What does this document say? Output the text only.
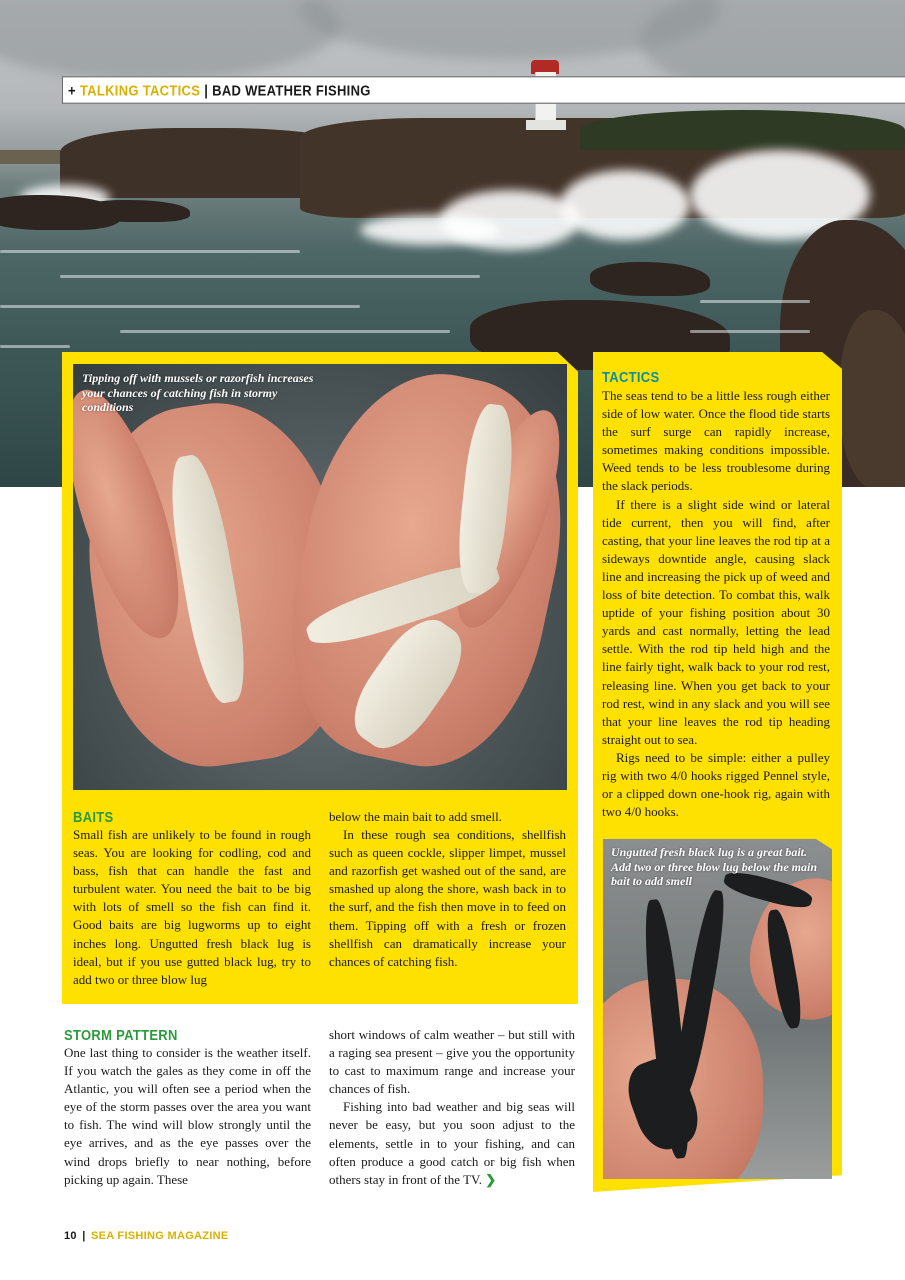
+ TALKING TACTICS | BAD WEATHER FISHING
Tipping off with mussels or razorfish increases your chances of catching fish in stormy conditions
Ungutted fresh black lug is a great bait. Add two or three blow lug below the main bait to add smell
BAITS

Small fish are unlikely to be found in rough seas. You are looking for codling, cod and bass, fish that can handle the fast and turbulent water. You need the bait to be big with lots of smell so the fish can find it. Good baits are big lugworms up to eight inches long. Ungutted fresh black lug is ideal, but if you use gutted black lug, try to add two or three blow lug

below the main bait to add smell.

In these rough sea conditions, shellfish such as queen cockle, slipper limpet, mussel and razorfish get washed out of the sand, are smashed up along the shore, wash back in to the surf, and the fish then move in to feed on them. Tipping off with a fresh or frozen shellfish can dramatically increase your chances of catching fish.

TACTICS

The seas tend to be a little less rough either side of low water. Once the flood tide starts the surf surge can rapidly increase, sometimes making conditions impossible. Weed tends to be less troublesome during the slack periods.

If there is a slight side wind or lateral tide current, then you will find, after casting, that your line leaves the rod tip at a sideways downtide angle, causing slack line and increasing the pick up of weed and loss of bite detection. To combat this, walk uptide of your fishing position about 30 yards and cast normally, letting the lead settle. With the rod tip held high and the line fairly tight, walk back to your rod rest, releasing line. When you get back to your rod rest, wind in any slack and you will see that your line leaves the rod tip heading straight out to sea.

Rigs need to be simple: either a pulley rig with two 4/0 hooks rigged Pennel style, or a clipped down one-hook rig, again with two 4/0 hooks.

STORM PATTERN

One last thing to consider is the weather itself. If you watch the gales as they come in off the Atlantic, you will often see a period when the eye of the storm passes over the area you want to fish. The wind will blow strongly until the eye arrives, and as the eye passes over the wind drops briefly to near nothing, before picking up again. These

short windows of calm weather – but still with a raging sea present – give you the opportunity to cast to maximum range and increase your chances of fish.

Fishing into bad weather and big seas will never be easy, but you soon adjust to the elements, settle in to your fishing, and can often produce a good catch or big fish when others stay in front of the TV. ❯

10 | SEA FISHING MAGAZINE
